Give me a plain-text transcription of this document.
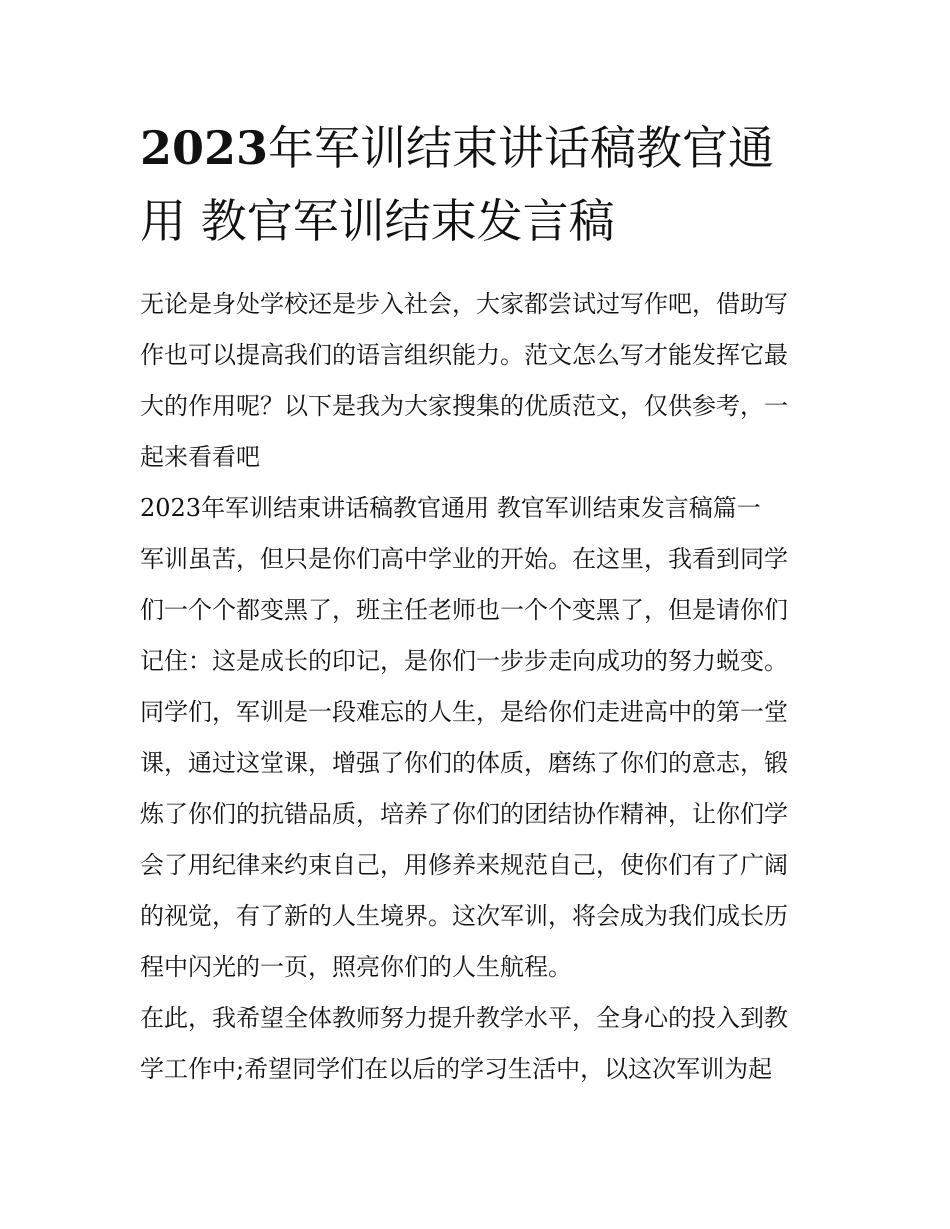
2023年军训结束讲话稿教官通
用 教官军训结束发言稿
无论是身处学校还是步入社会，大家都尝试过写作吧，借助写
作也可以提高我们的语言组织能力。范文怎么写才能发挥它最
大的作用呢？以下是我为大家搜集的优质范文，仅供参考，一
起来看看吧
2023年军训结束讲话稿教官通用 教官军训结束发言稿篇一
军训虽苦，但只是你们高中学业的开始。在这里，我看到同学
们一个个都变黑了，班主任老师也一个个变黑了，但是请你们
记住：这是成长的印记，是你们一步步走向成功的努力蜕变。
同学们，军训是一段难忘的人生，是给你们走进高中的第一堂
课，通过这堂课，增强了你们的体质，磨练了你们的意志，锻
炼了你们的抗错品质，培养了你们的团结协作精神，让你们学
会了用纪律来约束自己，用修养来规范自己，使你们有了广阔
的视觉，有了新的人生境界。这次军训，将会成为我们成长历
程中闪光的一页，照亮你们的人生航程。
在此，我希望全体教师努力提升教学水平，全身心的投入到教
学工作中;希望同学们在以后的学习生活中，以这次军训为起
